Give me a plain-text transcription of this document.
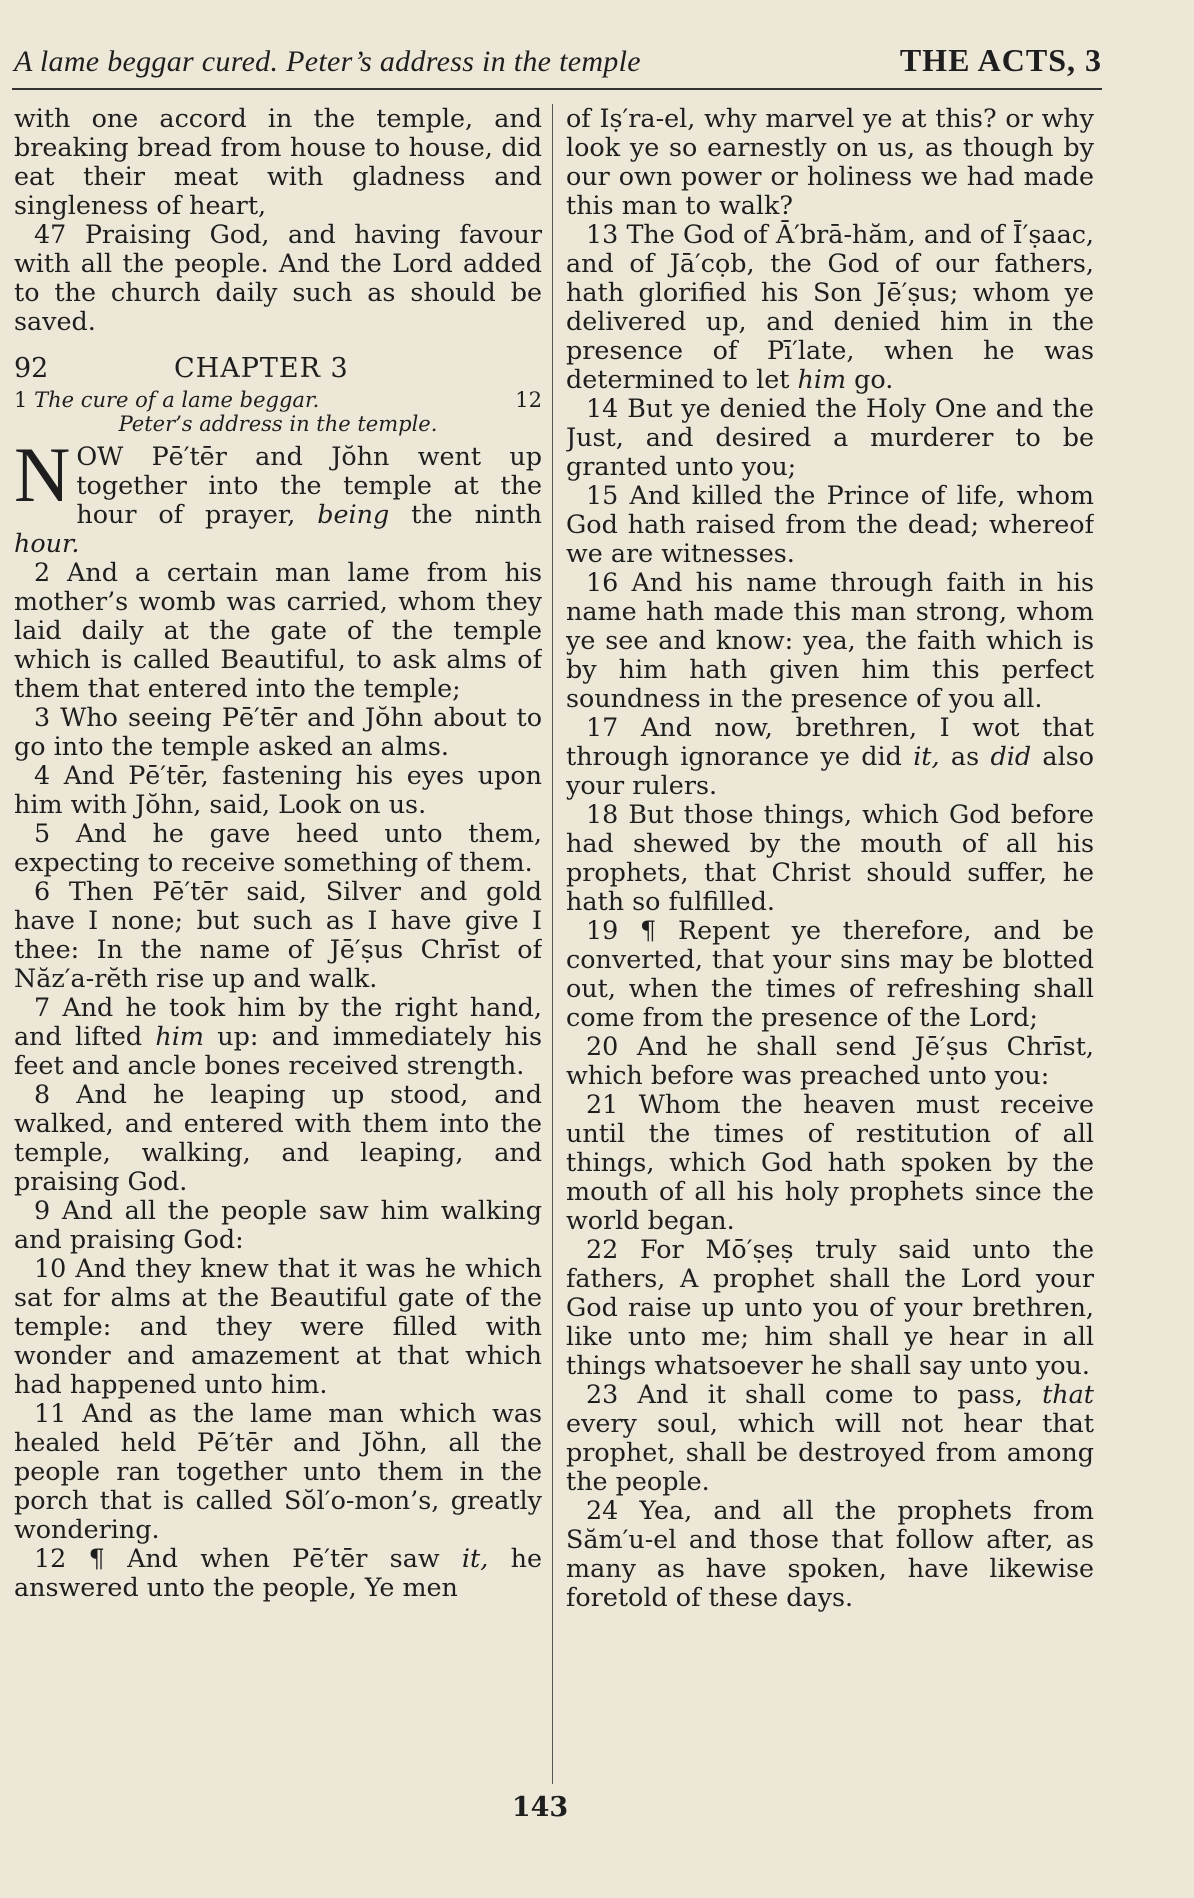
A lame beggar cured. Peter’s address in the temple	THE ACTS, 3

with one accord in the temple, and breaking bread from house to house, did eat their meat with gladness and singleness of heart,

47 Praising God, and having favour with all the people. And the Lord added to the church daily such as should be saved.

92	CHAPTER 3
1 The cure of a lame beggar.	12
Peter’s address in the temple.

NOW Pē′tēr and Jŏhn went up together into the temple at the hour of prayer, being the ninth hour.

2 And a certain man lame from his mother’s womb was carried, whom they laid daily at the gate of the temple which is called Beautiful, to ask alms of them that entered into the temple;

3 Who seeing Pē′tēr and Jŏhn about to go into the temple asked an alms.

4 And Pē′tēr, fastening his eyes upon him with Jŏhn, said, Look on us.

5 And he gave heed unto them, expecting to receive something of them.

6 Then Pē′tēr said, Silver and gold have I none; but such as I have give I thee: In the name of Jē′ṣus Chrīst of Năz′a-rĕth rise up and walk.

7 And he took him by the right hand, and lifted him up: and immediately his feet and ancle bones received strength.

8 And he leaping up stood, and walked, and entered with them into the temple, walking, and leaping, and praising God.

9 And all the people saw him walking and praising God:

10 And they knew that it was he which sat for alms at the Beautiful gate of the temple: and they were filled with wonder and amazement at that which had happened unto him.

11 And as the lame man which was healed held Pē′tēr and Jŏhn, all the people ran together unto them in the porch that is called Sŏl′o-mon’s, greatly wondering.

12 ¶ And when Pē′tēr saw it, he answered unto the people, Ye men

of Iṣ′ra-el, why marvel ye at this? or why look ye so earnestly on us, as though by our own power or holiness we had made this man to walk?

13 The God of Ā′brā-hăm, and of Ī′ṣaac, and of Jā′cọb, the God of our fathers, hath glorified his Son Jē′ṣus; whom ye delivered up, and denied him in the presence of Pī′late, when he was determined to let him go.

14 But ye denied the Holy One and the Just, and desired a murderer to be granted unto you;

15 And killed the Prince of life, whom God hath raised from the dead; whereof we are witnesses.

16 And his name through faith in his name hath made this man strong, whom ye see and know: yea, the faith which is by him hath given him this perfect soundness in the presence of you all.

17 And now, brethren, I wot that through ignorance ye did it, as did also your rulers.

18 But those things, which God before had shewed by the mouth of all his prophets, that Christ should suffer, he hath so fulfilled.

19 ¶ Repent ye therefore, and be converted, that your sins may be blotted out, when the times of refreshing shall come from the presence of the Lord;

20 And he shall send Jē′ṣus Chrīst, which before was preached unto you:

21 Whom the heaven must receive until the times of restitution of all things, which God hath spoken by the mouth of all his holy prophets since the world began.

22 For Mō′ṣeṣ truly said unto the fathers, A prophet shall the Lord your God raise up unto you of your brethren, like unto me; him shall ye hear in all things whatsoever he shall say unto you.

23 And it shall come to pass, that every soul, which will not hear that prophet, shall be destroyed from among the people.

24 Yea, and all the prophets from Săm′u-el and those that follow after, as many as have spoken, have likewise foretold of these days.

143
